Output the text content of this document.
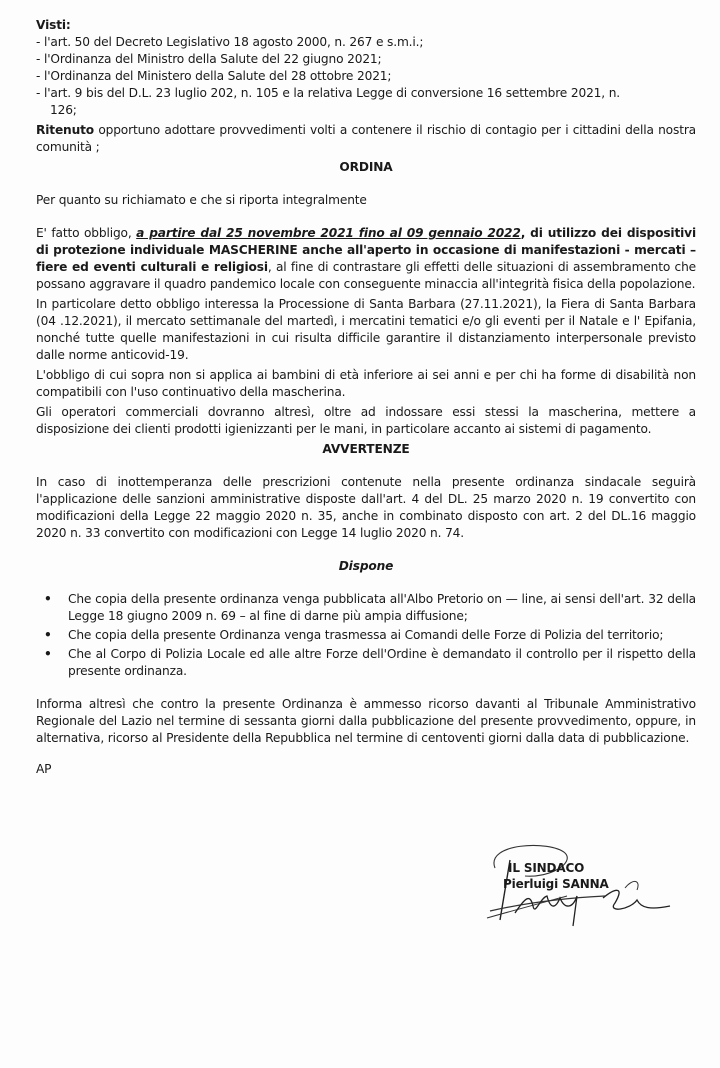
Visti:
- l'art. 50 del Decreto Legislativo 18 agosto 2000, n. 267 e s.m.i.;
- l'Ordinanza del Ministro della Salute del 22 giugno 2021;
- l'Ordinanza del Ministero della Salute del 28 ottobre 2021;
- l'art. 9 bis del D.L. 23 luglio 202, n. 105 e la relativa Legge di conversione 16 settembre 2021, n.
126;
Ritenuto opportuno adottare provvedimenti volti a contenere il rischio di contagio per i cittadini della nostra comunità ;
ORDINA
Per quanto su richiamato e che si riporta integralmente
E' fatto obbligo, a partire dal 25 novembre 2021 fino al 09 gennaio 2022, di utilizzo dei dispositivi di protezione individuale MASCHERINE anche all'aperto in occasione di manifestazioni - mercati – fiere ed eventi culturali e religiosi, al fine di contrastare gli effetti delle situazioni di assembramento che possano aggravare il quadro pandemico locale con conseguente minaccia all'integrità fisica della popolazione.
In particolare detto obbligo interessa la Processione di Santa Barbara (27.11.2021), la Fiera di Santa Barbara (04 .12.2021), il mercato settimanale del martedì, i mercatini tematici e/o gli eventi per il Natale e l' Epifania, nonché tutte quelle manifestazioni in cui risulta difficile garantire il distanziamento interpersonale previsto dalle norme anticovid-19.
L'obbligo di cui sopra non si applica ai bambini di età inferiore ai sei anni e per chi ha forme di disabilità non compatibili con l'uso continuativo della mascherina.
Gli operatori commerciali dovranno altresì, oltre ad indossare essi stessi la mascherina, mettere a disposizione dei clienti prodotti igienizzanti per le mani, in particolare accanto ai sistemi di pagamento.
AVVERTENZE
In caso di inottemperanza delle prescrizioni contenute nella presente ordinanza sindacale seguirà l'applicazione delle sanzioni amministrative disposte dall'art. 4 del DL. 25 marzo 2020 n. 19 convertito con modificazioni della Legge 22 maggio 2020 n. 35, anche in combinato disposto con art. 2 del DL.16 maggio 2020 n. 33 convertito con modificazioni con Legge 14 luglio 2020 n. 74.
Dispone
• Che copia della presente ordinanza venga pubblicata all'Albo Pretorio on — line, ai sensi dell'art. 32 della Legge 18 giugno 2009 n. 69 – al fine di darne più ampia diffusione;
• Che copia della presente Ordinanza venga trasmessa ai Comandi delle Forze di Polizia del territorio;
• Che al Corpo di Polizia Locale ed alle altre Forze dell'Ordine è demandato il controllo per il rispetto della presente ordinanza.
Informa altresì che contro la presente Ordinanza è ammesso ricorso davanti al Tribunale Amministrativo Regionale del Lazio nel termine di sessanta giorni dalla pubblicazione del presente provvedimento, oppure, in alternativa, ricorso al Presidente della Repubblica nel termine di centoventi giorni dalla data di pubblicazione.
AP
IL SINDACO
Pierluigi SANNA
